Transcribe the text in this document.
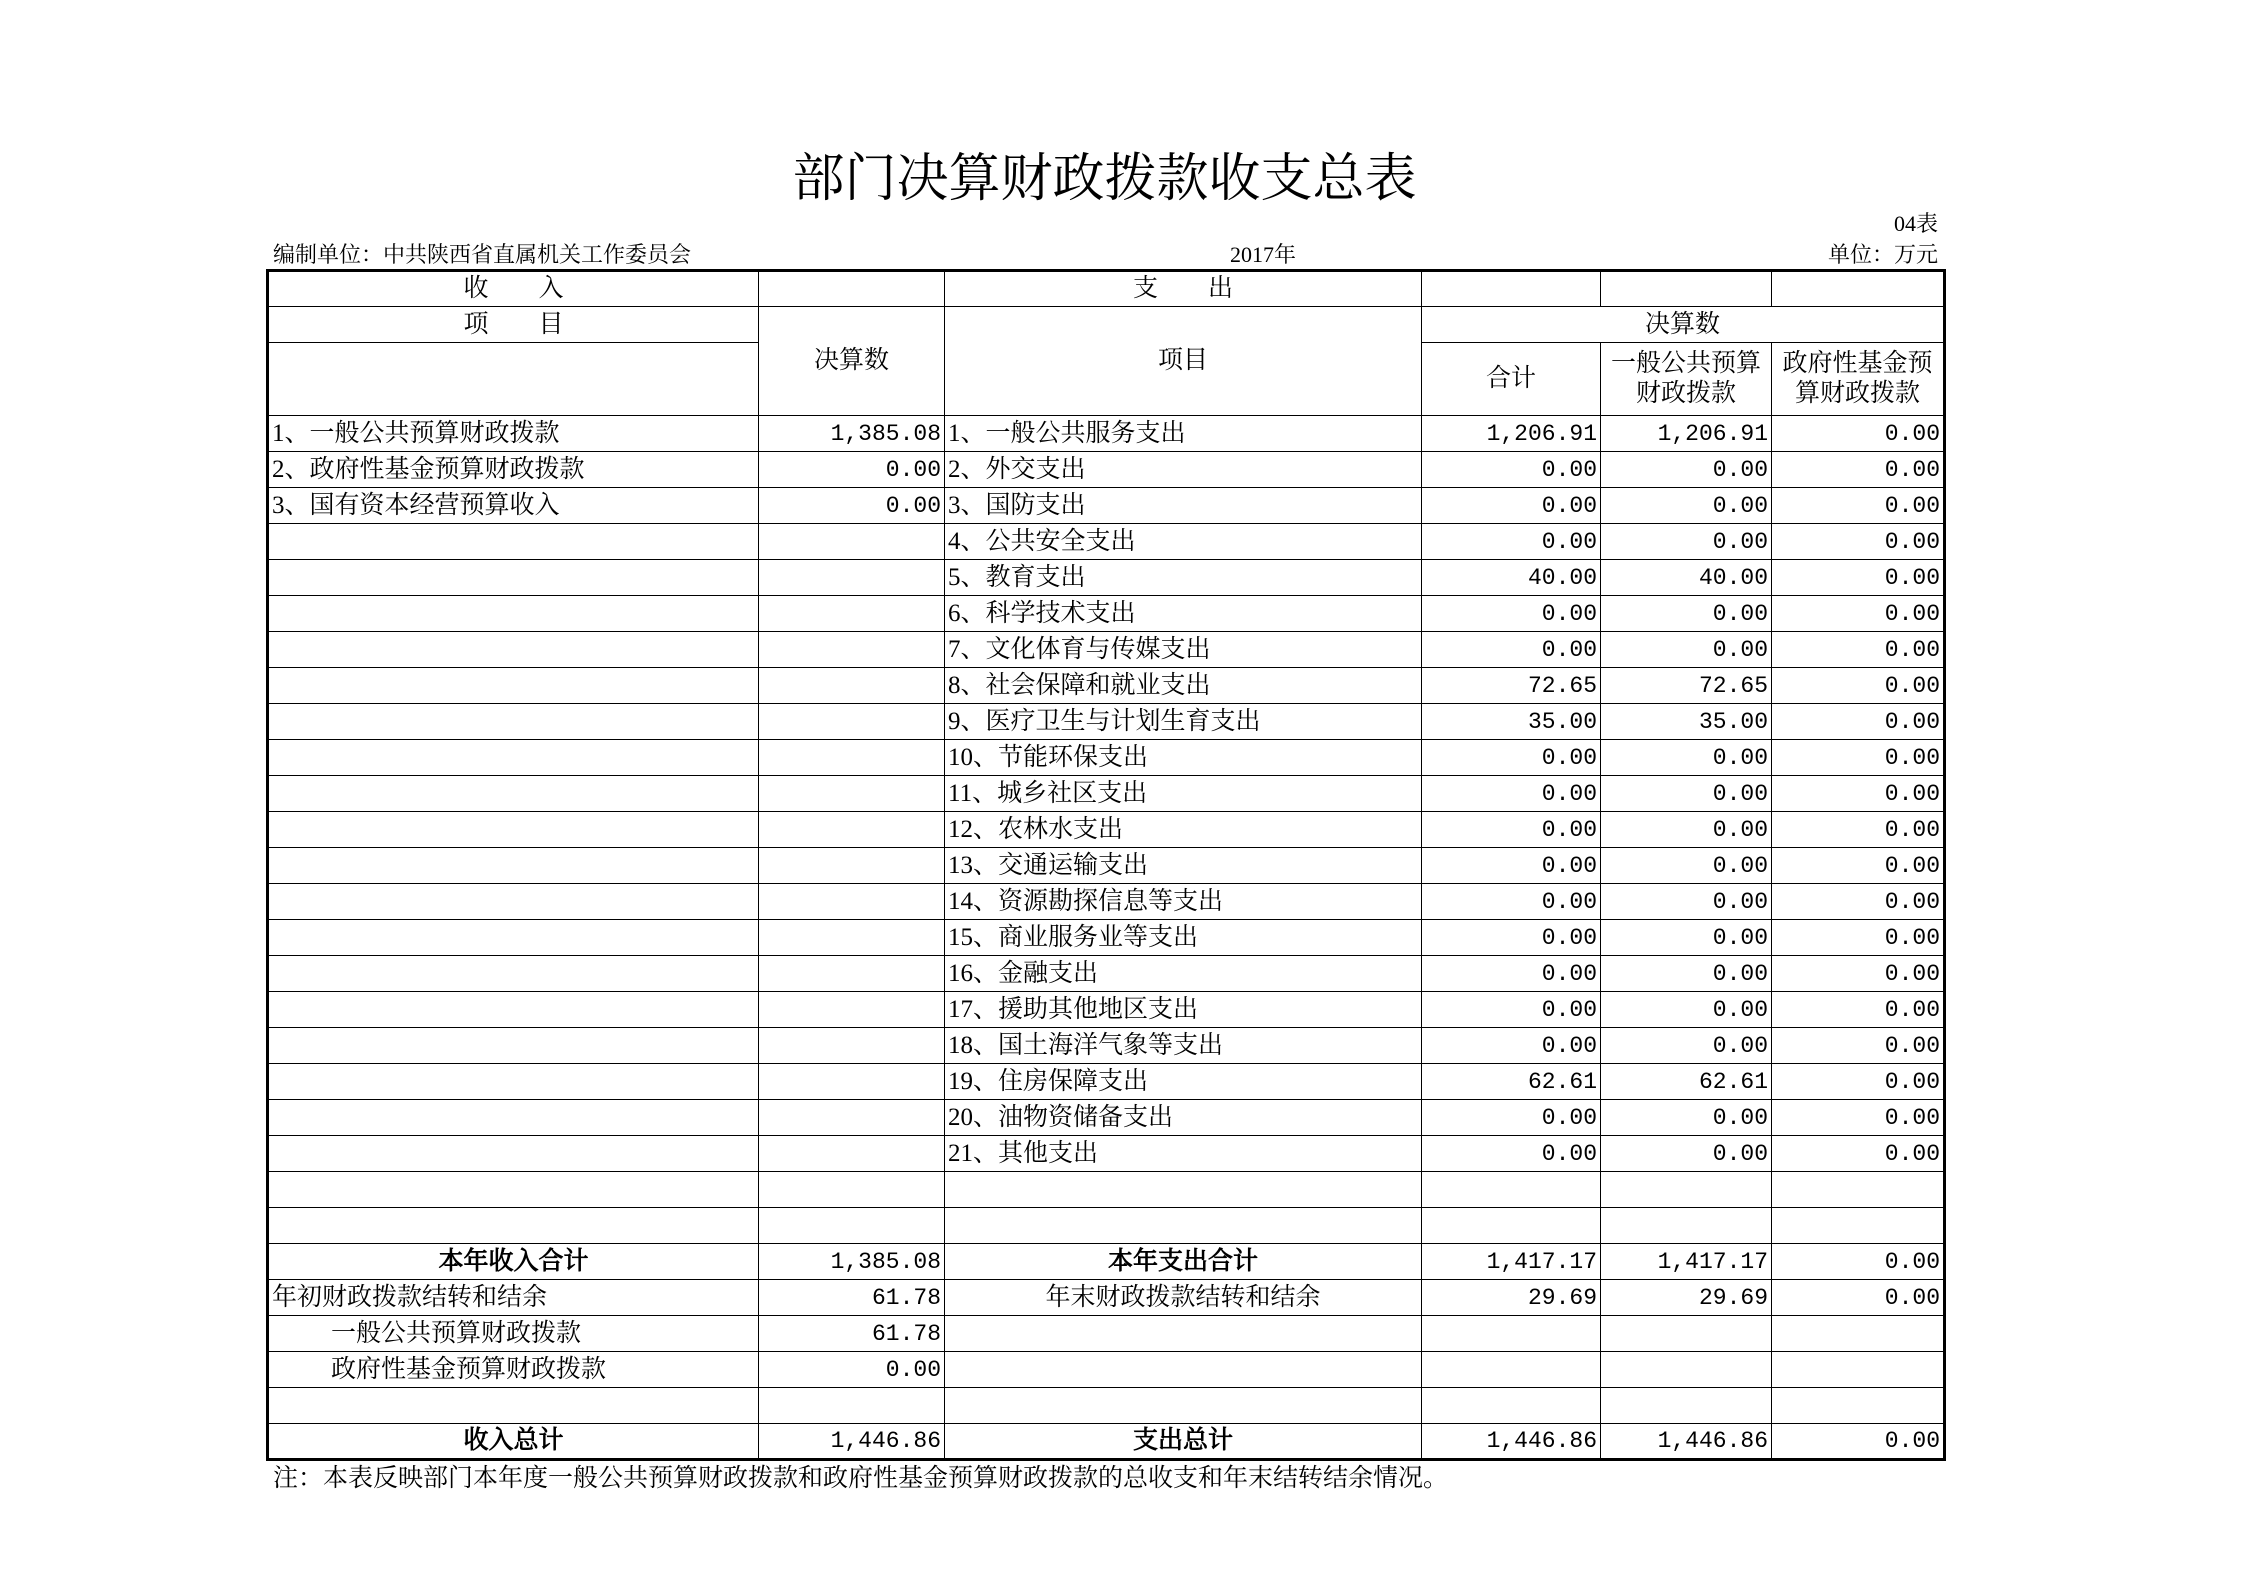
部门决算财政拨款收支总表
04表
编制单位：中共陕西省直属机关工作委员会	2017年	单位：万元
收　　入		支　　出			
项　　目	决算数	项目	决算数		
			合计	一般公共预算财政拨款	政府性基金预算财政拨款
1、一般公共预算财政拨款	1,385.08	1、一般公共服务支出	1,206.91	1,206.91	0.00
2、政府性基金预算财政拨款	0.00	2、外交支出	0.00	0.00	0.00
3、国有资本经营预算收入	0.00	3、国防支出	0.00	0.00	0.00
		4、公共安全支出	0.00	0.00	0.00
		5、教育支出	40.00	40.00	0.00
		6、科学技术支出	0.00	0.00	0.00
		7、文化体育与传媒支出	0.00	0.00	0.00
		8、社会保障和就业支出	72.65	72.65	0.00
		9、医疗卫生与计划生育支出	35.00	35.00	0.00
		10、节能环保支出	0.00	0.00	0.00
		11、城乡社区支出	0.00	0.00	0.00
		12、农林水支出	0.00	0.00	0.00
		13、交通运输支出	0.00	0.00	0.00
		14、资源勘探信息等支出	0.00	0.00	0.00
		15、商业服务业等支出	0.00	0.00	0.00
		16、金融支出	0.00	0.00	0.00
		17、援助其他地区支出	0.00	0.00	0.00
		18、国土海洋气象等支出	0.00	0.00	0.00
		19、住房保障支出	62.61	62.61	0.00
		20、油物资储备支出	0.00	0.00	0.00
		21、其他支出	0.00	0.00	0.00

本年收入合计	1,385.08	本年支出合计	1,417.17	1,417.17	0.00
年初财政拨款结转和结余	61.78	年末财政拨款结转和结余	29.69	29.69	0.00
一般公共预算财政拨款	61.78				
政府性基金预算财政拨款	0.00				

收入总计	1,446.86	支出总计	1,446.86	1,446.86	0.00
注：本表反映部门本年度一般公共预算财政拨款和政府性基金预算财政拨款的总收支和年末结转结余情况。
